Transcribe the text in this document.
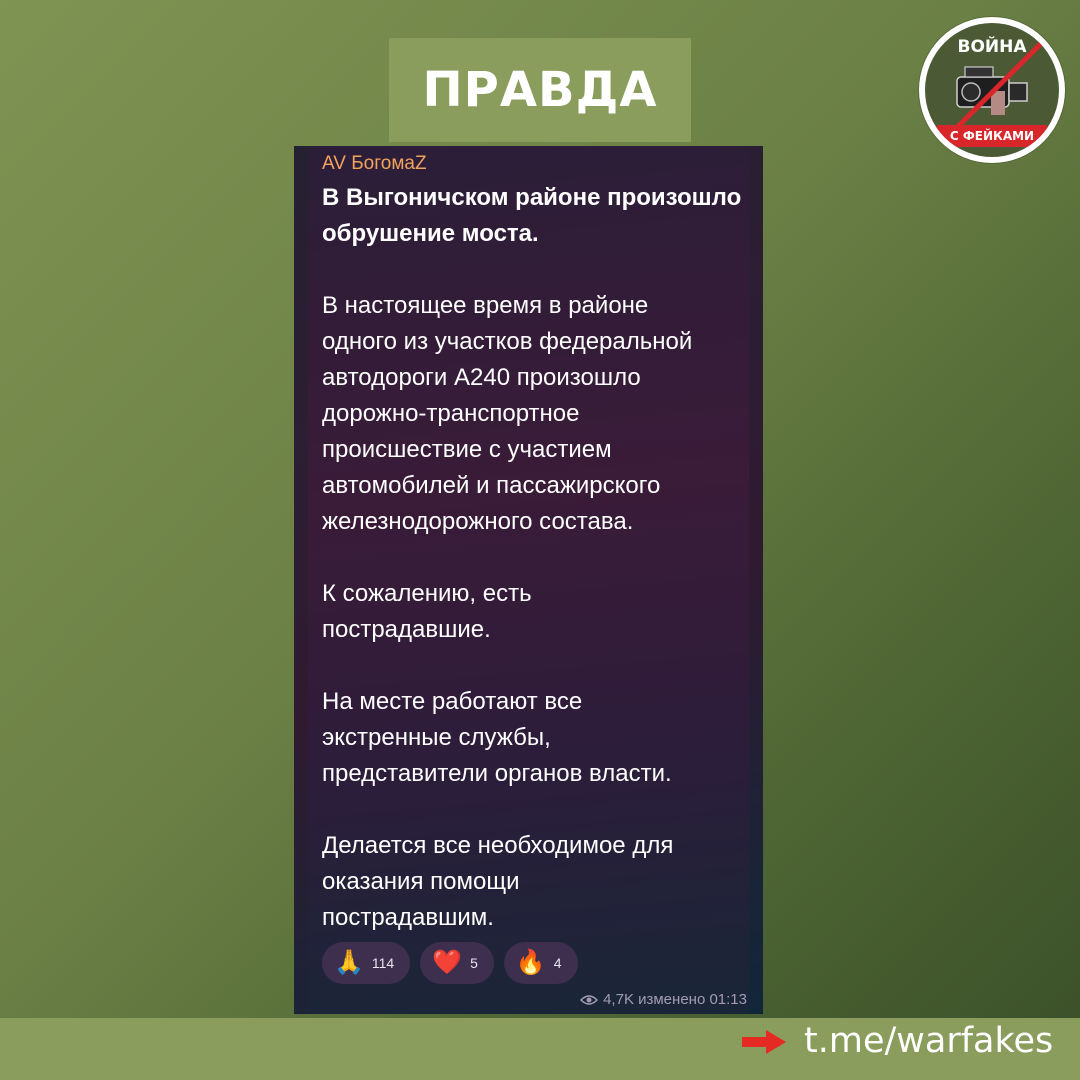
ПРАВДА
ВОЙНА
С ФЕЙКАМИ
AV БогомаZ
В Выгоничском районе произошло обрушение моста.
В настоящее время в районе
одного из участков федеральной
автодороги А240 произошло
дорожно-транспортное
происшествие с участием
автомобилей и пассажирского
железнодорожного состава.
К сожалению, есть
пострадавшие.
На месте работают все
экстренные службы,
представители органов власти.
Делается все необходимое для
оказания помощи
пострадавшим.
🙏 114 ❤️ 5 🔥 4
4,7K изменено 01:13
t.me/warfakes
